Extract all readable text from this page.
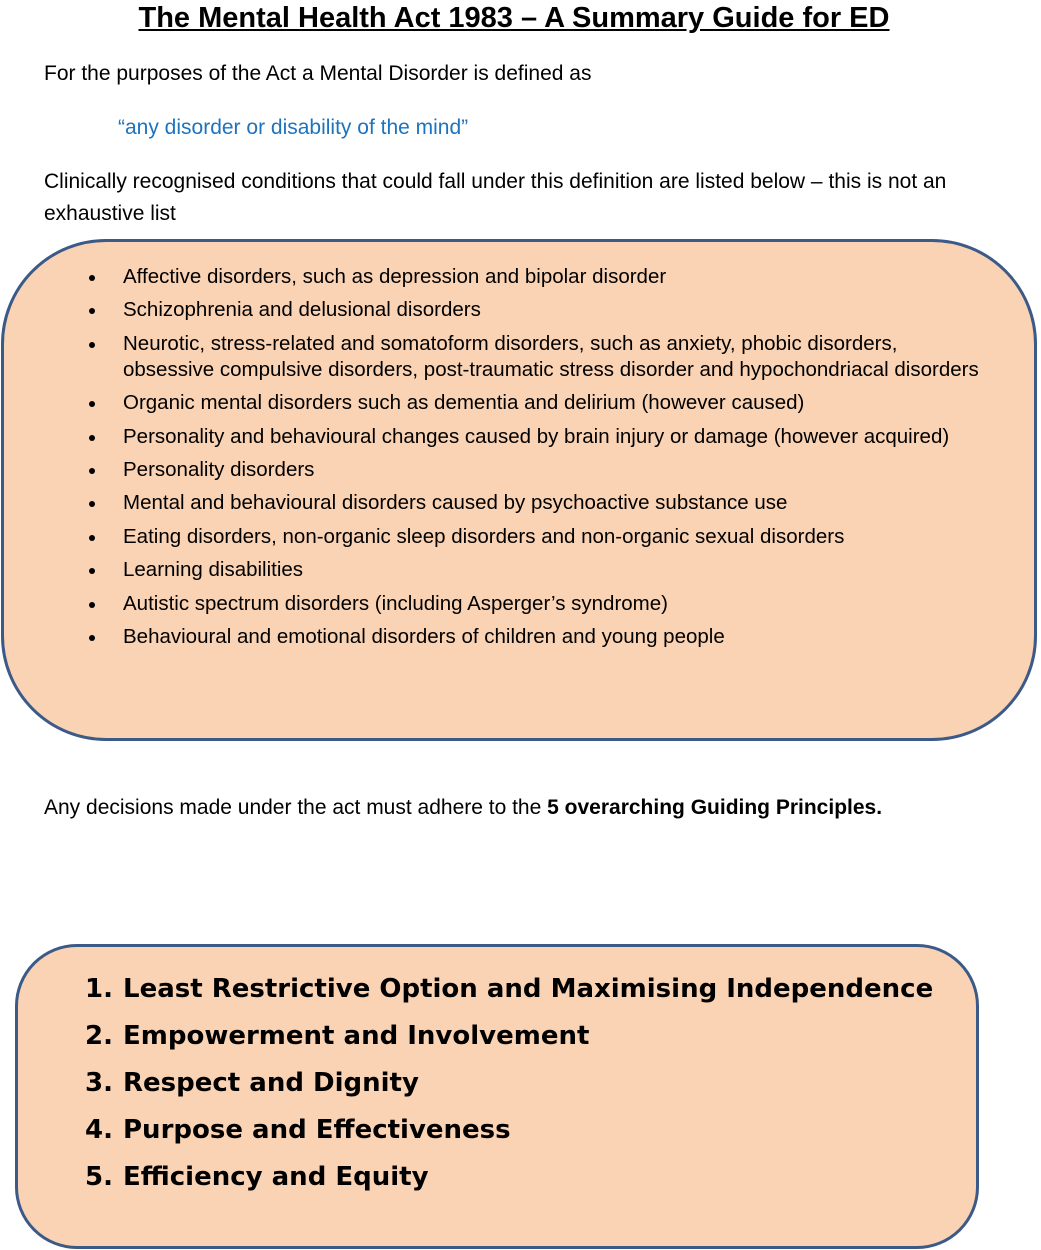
The Mental Health Act 1983 – A Summary Guide for ED

For the purposes of the Act a Mental Disorder is defined as

“any disorder or disability of the mind”

Clinically recognised conditions that could fall under this definition are listed below – this is not an exhaustive list

Affective disorders, such as depression and bipolar disorder
Schizophrenia and delusional disorders
Neurotic, stress-related and somatoform disorders, such as anxiety, phobic disorders, obsessive compulsive disorders, post-traumatic stress disorder and hypochondriacal disorders
Organic mental disorders such as dementia and delirium (however caused)
Personality and behavioural changes caused by brain injury or damage (however acquired)
Personality disorders
Mental and behavioural disorders caused by psychoactive substance use
Eating disorders, non-organic sleep disorders and non-organic sexual disorders
Learning disabilities
Autistic spectrum disorders (including Asperger’s syndrome)
Behavioural and emotional disorders of children and young people
Any decisions made under the act must adhere to the 5 overarching Guiding Principles.
1. Least Restrictive Option and Maximising Independence
2. Empowerment and Involvement
3. Respect and Dignity
4. Purpose and Effectiveness
5. Efficiency and Equity
